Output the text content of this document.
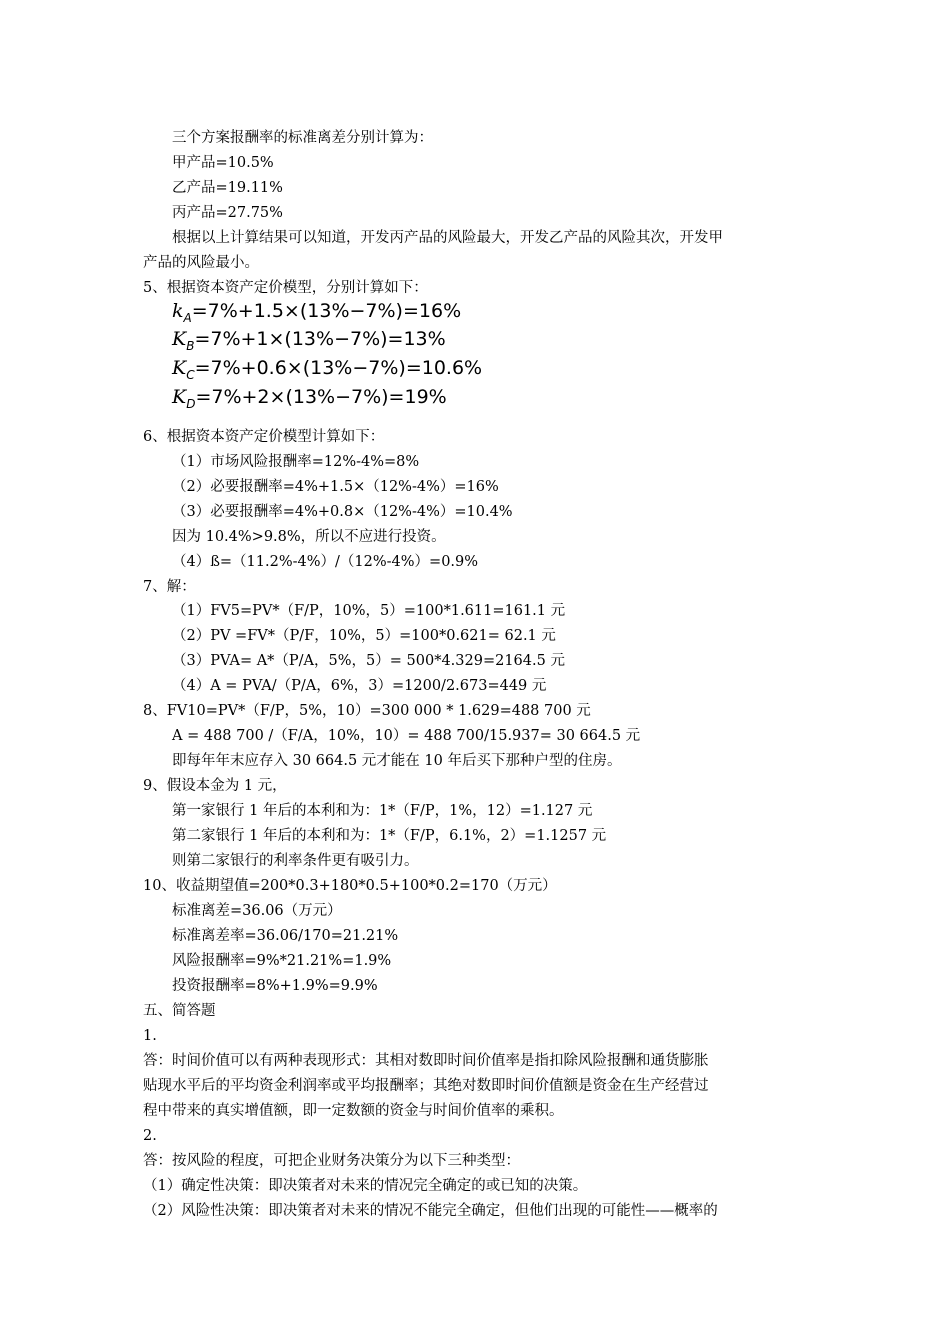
三个方案报酬率的标准离差分别计算为：
甲产品=10.5%
乙产品=19.11%
丙产品=27.75%
根据以上计算结果可以知道，开发丙产品的风险最大，开发乙产品的风险其次，开发甲
产品的风险最小。
5、根据资本资产定价模型，分别计算如下：
$k_A=7\%+1.5\times(13\%-7\%)=16\%$
$K_B=7\%+1\times(13\%-7\%)=13\%$
$K_C=7\%+0.6\times(13\%-7\%)=10.6\%$
$K_D=7\%+2\times(13\%-7\%)=19\%$
6、根据资本资产定价模型计算如下：
（1）市场风险报酬率=12%-4%=8%
（2）必要报酬率=4%+1.5×（12%-4%）=16%
（3）必要报酬率=4%+0.8×（12%-4%）=10.4%
因为 10.4%>9.8%，所以不应进行投资。
（4）ß=（11.2%-4%）/（12%-4%）=0.9%
7、解：
（1）FV5=PV*（F/P，10%，5）=100*1.611=161.1 元
（2）PV =FV*（P/F，10%，5）=100*0.621= 62.1 元
（3）PVA= A*（P/A，5%，5）= 500*4.329=2164.5 元
（4）A = PVA/（P/A，6%，3）=1200/2.673=449 元
8、FV10=PV*（F/P，5%，10）=300 000 * 1.629=488 700 元
A = 488 700 /（F/A，10%，10）= 488 700/15.937= 30 664.5 元
即每年年末应存入 30 664.5 元才能在 10 年后买下那种户型的住房。
9、假设本金为 1 元，
第一家银行 1 年后的本利和为：1*（F/P，1%，12）=1.127 元
第二家银行 1 年后的本利和为：1*（F/P，6.1%，2）=1.1257 元
则第二家银行的利率条件更有吸引力。
10、收益期望值=200*0.3+180*0.5+100*0.2=170（万元）
标准离差=36.06（万元）
标准离差率=36.06/170=21.21%
风险报酬率=9%*21.21%=1.9%
投资报酬率=8%+1.9%=9.9%
五、简答题
1.
答：时间价值可以有两种表现形式：其相对数即时间价值率是指扣除风险报酬和通货膨胀
贴现水平后的平均资金利润率或平均报酬率；其绝对数即时间价值额是资金在生产经营过
程中带来的真实增值额，即一定数额的资金与时间价值率的乘积。
2.
答：按风险的程度，可把企业财务决策分为以下三种类型：
（1）确定性决策：即决策者对未来的情况完全确定的或已知的决策。
（2）风险性决策：即决策者对未来的情况不能完全确定，但他们出现的可能性——概率的
